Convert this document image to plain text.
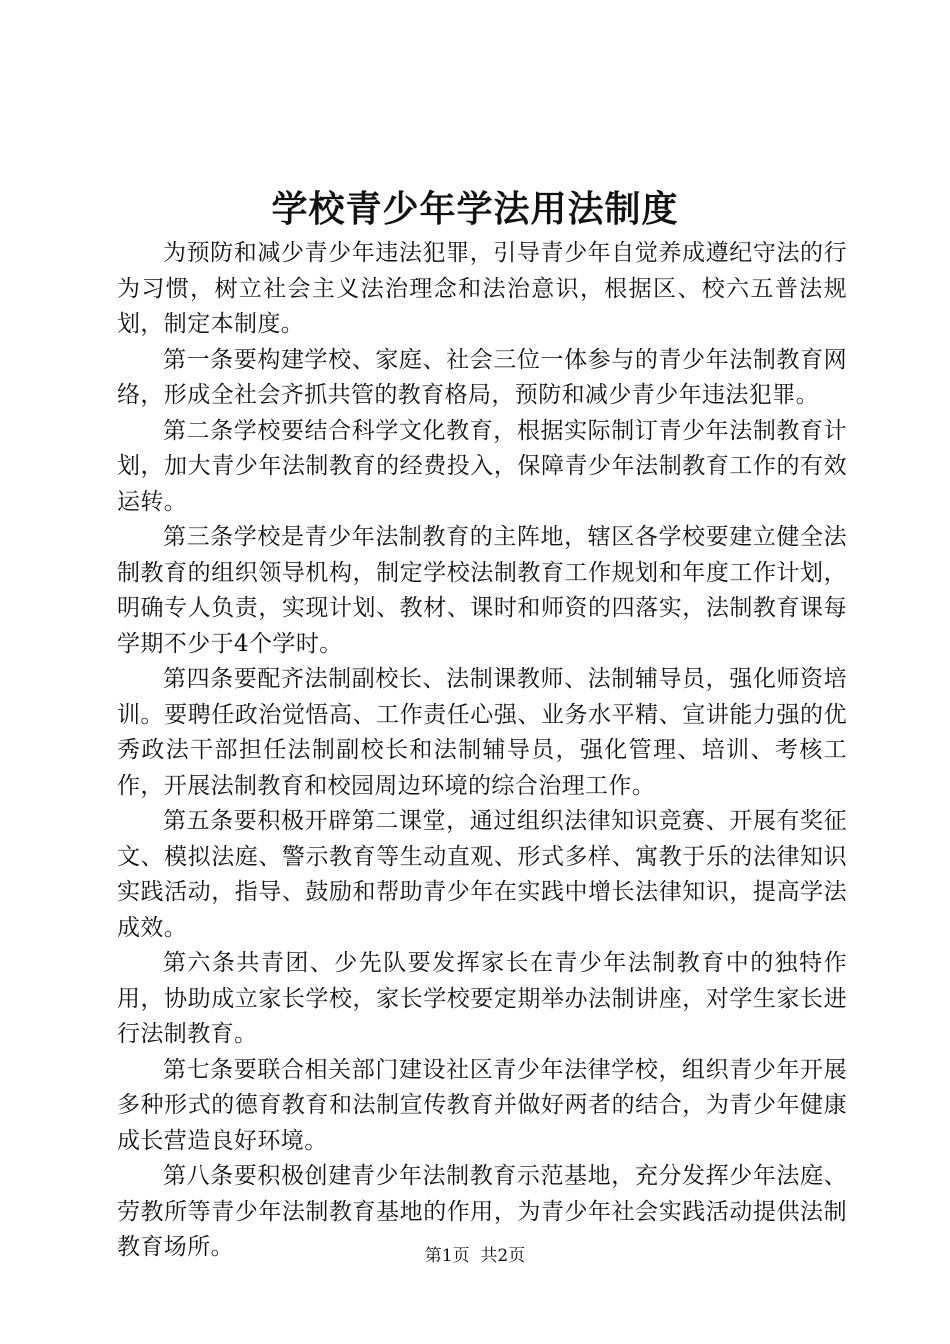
学校青少年学法用法制度

为预防和减少青少年违法犯罪，引导青少年自觉养成遵纪守法的行为习惯，树立社会主义法治理念和法治意识，根据区、校六五普法规划，制定本制度。

第一条要构建学校、家庭、社会三位一体参与的青少年法制教育网络，形成全社会齐抓共管的教育格局，预防和减少青少年违法犯罪。

第二条学校要结合科学文化教育，根据实际制订青少年法制教育计划，加大青少年法制教育的经费投入，保障青少年法制教育工作的有效运转。

第三条学校是青少年法制教育的主阵地，辖区各学校要建立健全法制教育的组织领导机构，制定学校法制教育工作规划和年度工作计划，明确专人负责，实现计划、教材、课时和师资的四落实，法制教育课每学期不少于4个学时。

第四条要配齐法制副校长、法制课教师、法制辅导员，强化师资培训。要聘任政治觉悟高、工作责任心强、业务水平精、宣讲能力强的优秀政法干部担任法制副校长和法制辅导员，强化管理、培训、考核工作，开展法制教育和校园周边环境的综合治理工作。

第五条要积极开辟第二课堂，通过组织法律知识竞赛、开展有奖征文、模拟法庭、警示教育等生动直观、形式多样、寓教于乐的法律知识实践活动，指导、鼓励和帮助青少年在实践中增长法律知识，提高学法成效。

第六条共青团、少先队要发挥家长在青少年法制教育中的独特作用，协助成立家长学校，家长学校要定期举办法制讲座，对学生家长进行法制教育。

第七条要联合相关部门建设社区青少年法律学校，组织青少年开展多种形式的德育教育和法制宣传教育并做好两者的结合，为青少年健康成长营造良好环境。

第八条要积极创建青少年法制教育示范基地，充分发挥少年法庭、劳教所等青少年法制教育基地的作用，为青少年社会实践活动提供法制教育场所。	第1页 共2页
